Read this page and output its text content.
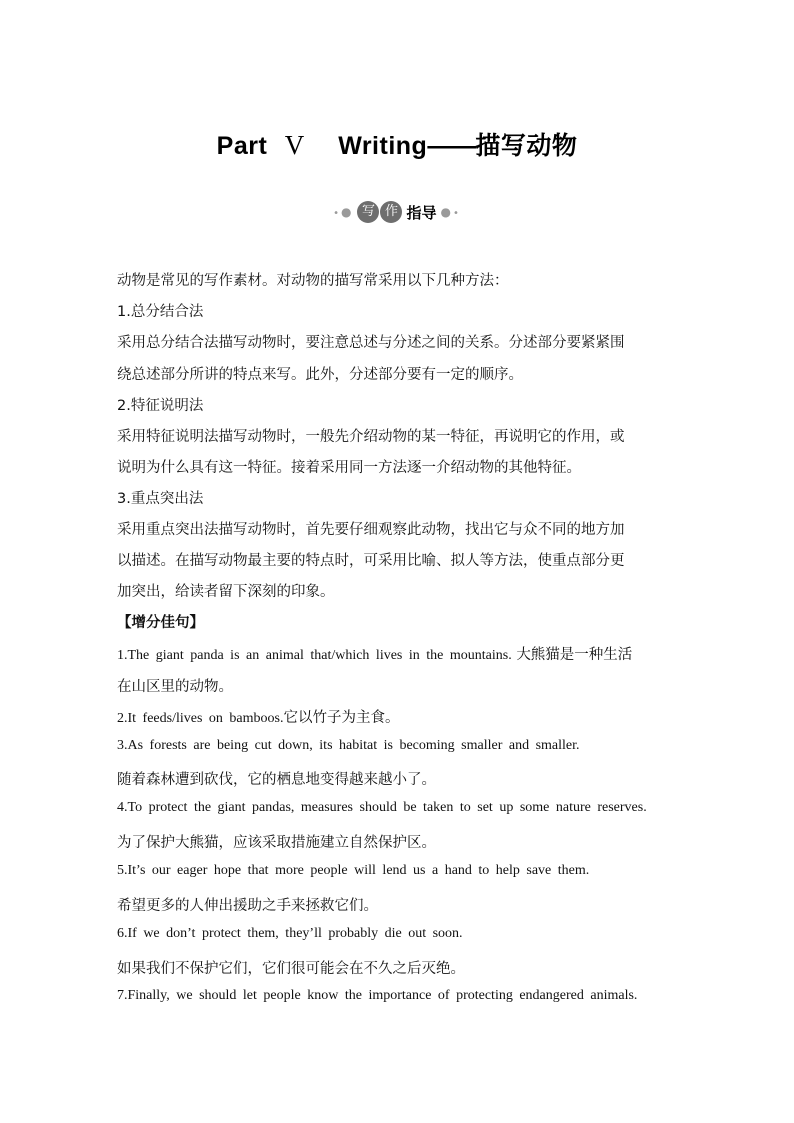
Part V Writing——描写动物
•● 写 作 指导 ●•
动物是常见的写作素材。对动物的描写常采用以下几种方法：
1.总分结合法
采用总分结合法描写动物时，要注意总述与分述之间的关系。分述部分要紧紧围
绕总述部分所讲的特点来写。此外，分述部分要有一定的顺序。
2.特征说明法
采用特征说明法描写动物时，一般先介绍动物的某一特征，再说明它的作用，或
说明为什么具有这一特征。接着采用同一方法逐一介绍动物的其他特征。
3.重点突出法
采用重点突出法描写动物时，首先要仔细观察此动物，找出它与众不同的地方加
以描述。在描写动物最主要的特点时，可采用比喻、拟人等方法，使重点部分更
加突出，给读者留下深刻的印象。
【增分佳句】
1.The giant panda is an animal that/which lives in the mountains. 大熊猫是一种生活
在山区里的动物。
2.It feeds/lives on bamboos.它以竹子为主食。
3.As forests are being cut down, its habitat is becoming smaller and smaller.
随着森林遭到砍伐，它的栖息地变得越来越小了。
4.To protect the giant pandas, measures should be taken to set up some nature reserves.
为了保护大熊猫，应该采取措施建立自然保护区。
5.It’s our eager hope that more people will lend us a hand to help save them.
希望更多的人伸出援助之手来拯救它们。
6.If we don’t protect them, they’ll probably die out soon.
如果我们不保护它们，它们很可能会在不久之后灭绝。
7.Finally, we should let people know the importance of protecting endangered animals.
